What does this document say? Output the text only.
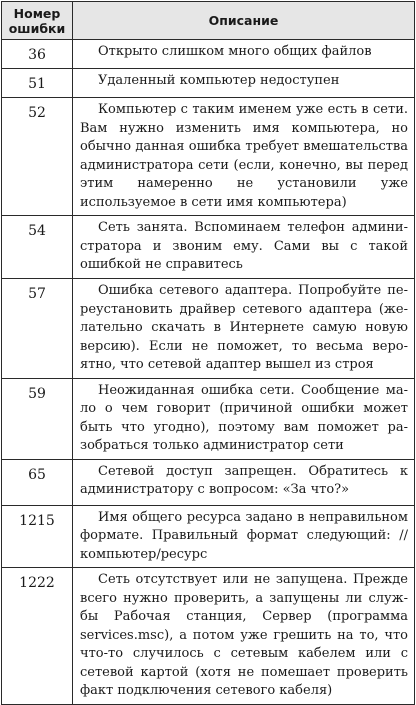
Номер ошибки	Описание
36	Открыто слишком много общих файлов
51	Удаленный компьютер недоступен
52	Компьютер с таким именем уже есть в сети. Вам нужно изменить имя компьютера, но обычно данная ошибка требует вмешательства администратора сети (если, конечно, вы перед этим намеренно не установили уже используемое в сети имя компьютера)
54	Сеть занята. Вспоминаем телефон администратора и звоним ему. Сами вы с такой ошибкой не справитесь
57	Ошибка сетевого адаптера. Попробуйте переустановить драйвер сетевого адаптера (желательно скачать в Интернете самую новую версию). Если не поможет, то весьма вероятно, что сетевой адаптер вышел из строя
59	Неожиданная ошибка сети. Сообщение мало о чем говорит (причиной ошибки может быть что угодно), поэтому вам поможет разобраться только администратор сети
65	Сетевой доступ запрещен. Обратитесь к администратору с вопросом: «За что?»
1215	Имя общего ресурса задано в неправильном формате. Правильный формат следующий: //компьютер/ресурс
1222	Сеть отсутствует или не запущена. Прежде всего нужно проверить, а запущены ли службы Рабочая станция, Сервер (программа services.msc), а потом уже грешить на то, что что-то случилось с сетевым кабелем или с сетевой картой (хотя не помешает проверить факт подключения сетевого кабеля)
